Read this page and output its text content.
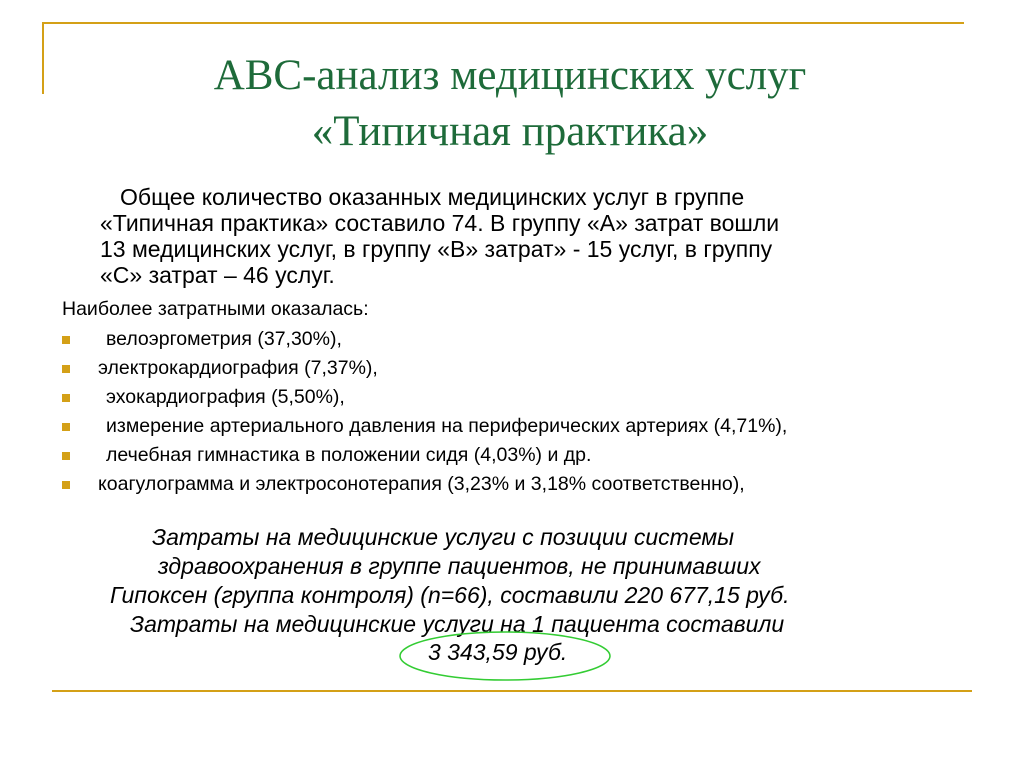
АВС-анализ медицинских услуг
«Типичная практика»
Общее количество оказанных медицинских услуг в группе
«Типичная практика» составило 74. В группу «А» затрат вошли
13 медицинских услуг, в группу «В» затрат» - 15 услуг, в группу
«С» затрат – 46 услуг.
Наиболее затратными оказалась:
велоэргометрия (37,30%),
электрокардиография (7,37%),
эхокардиография (5,50%),
измерение артериального давления на периферических артериях (4,71%),
лечебная гимнастика в положении сидя (4,03%) и др.
коагулограмма и электросонотерапия (3,23% и 3,18% соответственно),
Затраты на медицинские услуги с позиции системы
здравоохранения в группе пациентов, не принимавших
Гипоксен (группа контроля) (n=66), составили 220 677,15 руб.
Затраты на медицинские услуги на 1 пациента составили
3 343,59 руб.
